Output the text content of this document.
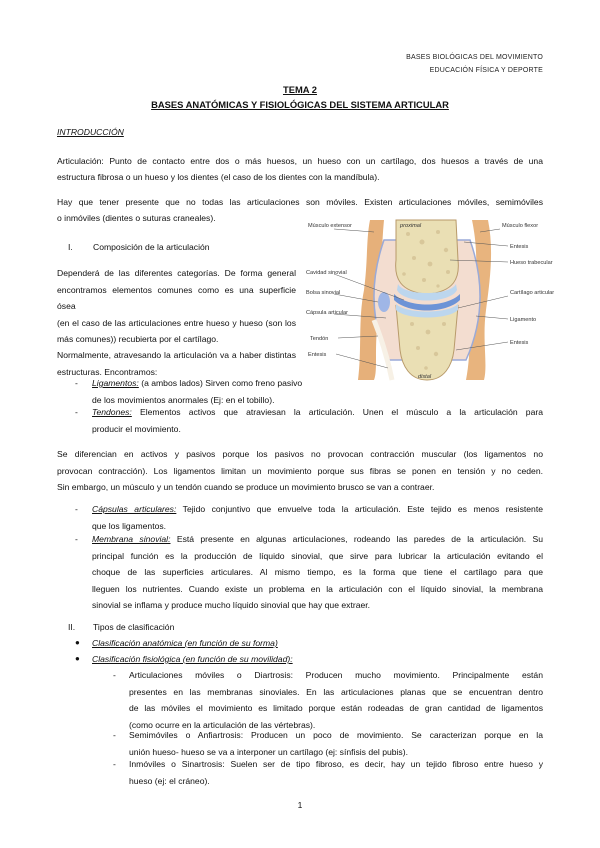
BASES BIOLÓGICAS DEL MOVIMIENTO
EDUCACIÓN FÍSICA Y DEPORTE
TEMA 2
BASES ANATÓMICAS Y FISIOLÓGICAS DEL SISTEMA ARTICULAR
INTRODUCCIÓN
Articulación: Punto de contacto entre dos o más huesos, un hueso con un cartílago, dos huesos a través de una
estructura fibrosa o un hueso y los dientes (el caso de los dientes con la mandíbula).
Hay que tener presente que no todas las articulaciones son móviles. Existen articulaciones móviles, semimóviles
o inmóviles (dientes o suturas craneales).
I. Composición de la articulación
Dependerá de las diferentes categorías. De forma general
encontramos elementos comunes como es una superficie ósea
(en el caso de las articulaciones entre hueso y hueso (son los
más comunes)) recubierta por el cartílago.
Normalmente, atravesando la articulación va a haber distintas
estructuras. Encontramos:
-	Ligamentos: (a ambos lados) Sirven como freno pasivo
de los movimientos anormales (Ej: en el tobillo).
-	Tendones: Elementos activos que atraviesan la articulación. Unen el músculo a la articulación para
producir el movimiento.
Se diferencian en activos y pasivos porque los pasivos no provocan contracción muscular (los ligamentos no
provocan contracción). Los ligamentos limitan un movimiento porque sus fibras se ponen en tensión y no ceden.
Sin embargo, un músculo y un tendón cuando se produce un movimiento brusco se van a contraer.
-	Cápsulas articulares: Tejido conjuntivo que envuelve toda la articulación. Este tejido es menos resistente
que los ligamentos.
-	Membrana sinovial: Está presente en algunas articulaciones, rodeando las paredes de la articulación. Su
principal función es la producción de líquido sinovial, que sirve para lubricar la articulación evitando el
choque de las superficies articulares. Al mismo tiempo, es la forma que tiene el cartílago para que
lleguen los nutrientes. Cuando existe un problema en la articulación con el líquido sinovial, la membrana
sinovial se inflama y produce mucho líquido sinovial que hay que extraer.
II. Tipos de clasificación
●	Clasificación anatómica (en función de su forma)
●	Clasificación fisiológica (en función de su movilidad):
-	Articulaciones móviles o Diartrosis: Producen mucho movimiento. Principalmente están
presentes en las membranas sinoviales. En las articulaciones planas que se encuentran dentro
de las móviles el movimiento es limitado porque están rodeadas de gran cantidad de ligamentos
(como ocurre en la articulación de las vértebras).
-	Semimóviles o Anfiartrosis: Producen un poco de movimiento. Se caracterizan porque en la
unión hueso- hueso se va a interponer un cartílago (ej: sínfisis del pubis).
-	Inmóviles o Sinartrosis: Suelen ser de tipo fibroso, es decir, hay un tejido fibroso entre hueso y
hueso (ej: el cráneo).
1
Músculo extensor	proximal	Músculo flexor
Entesis
Hueso trabecular
Cavidad sinovial
Bolsa sinovial	Cartílago articular
Cápsula articular
Ligamento
Tendón
Entesis
Entesis
distal
